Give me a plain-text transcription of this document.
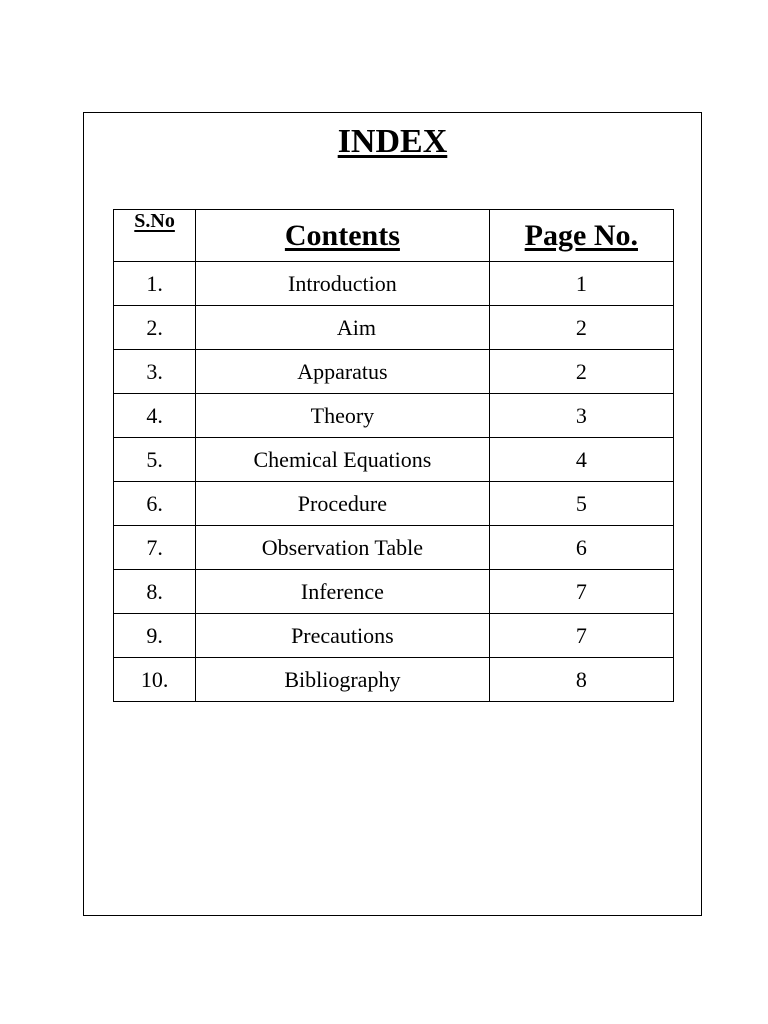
INDEX
S.No	Contents	Page No.
1.	Introduction	1
2.	Aim	2
3.	Apparatus	2
4.	Theory	3
5.	Chemical Equations	4
6.	Procedure	5
7.	Observation Table	6
8.	Inference	7
9.	Precautions	7
10.	Bibliography	8
